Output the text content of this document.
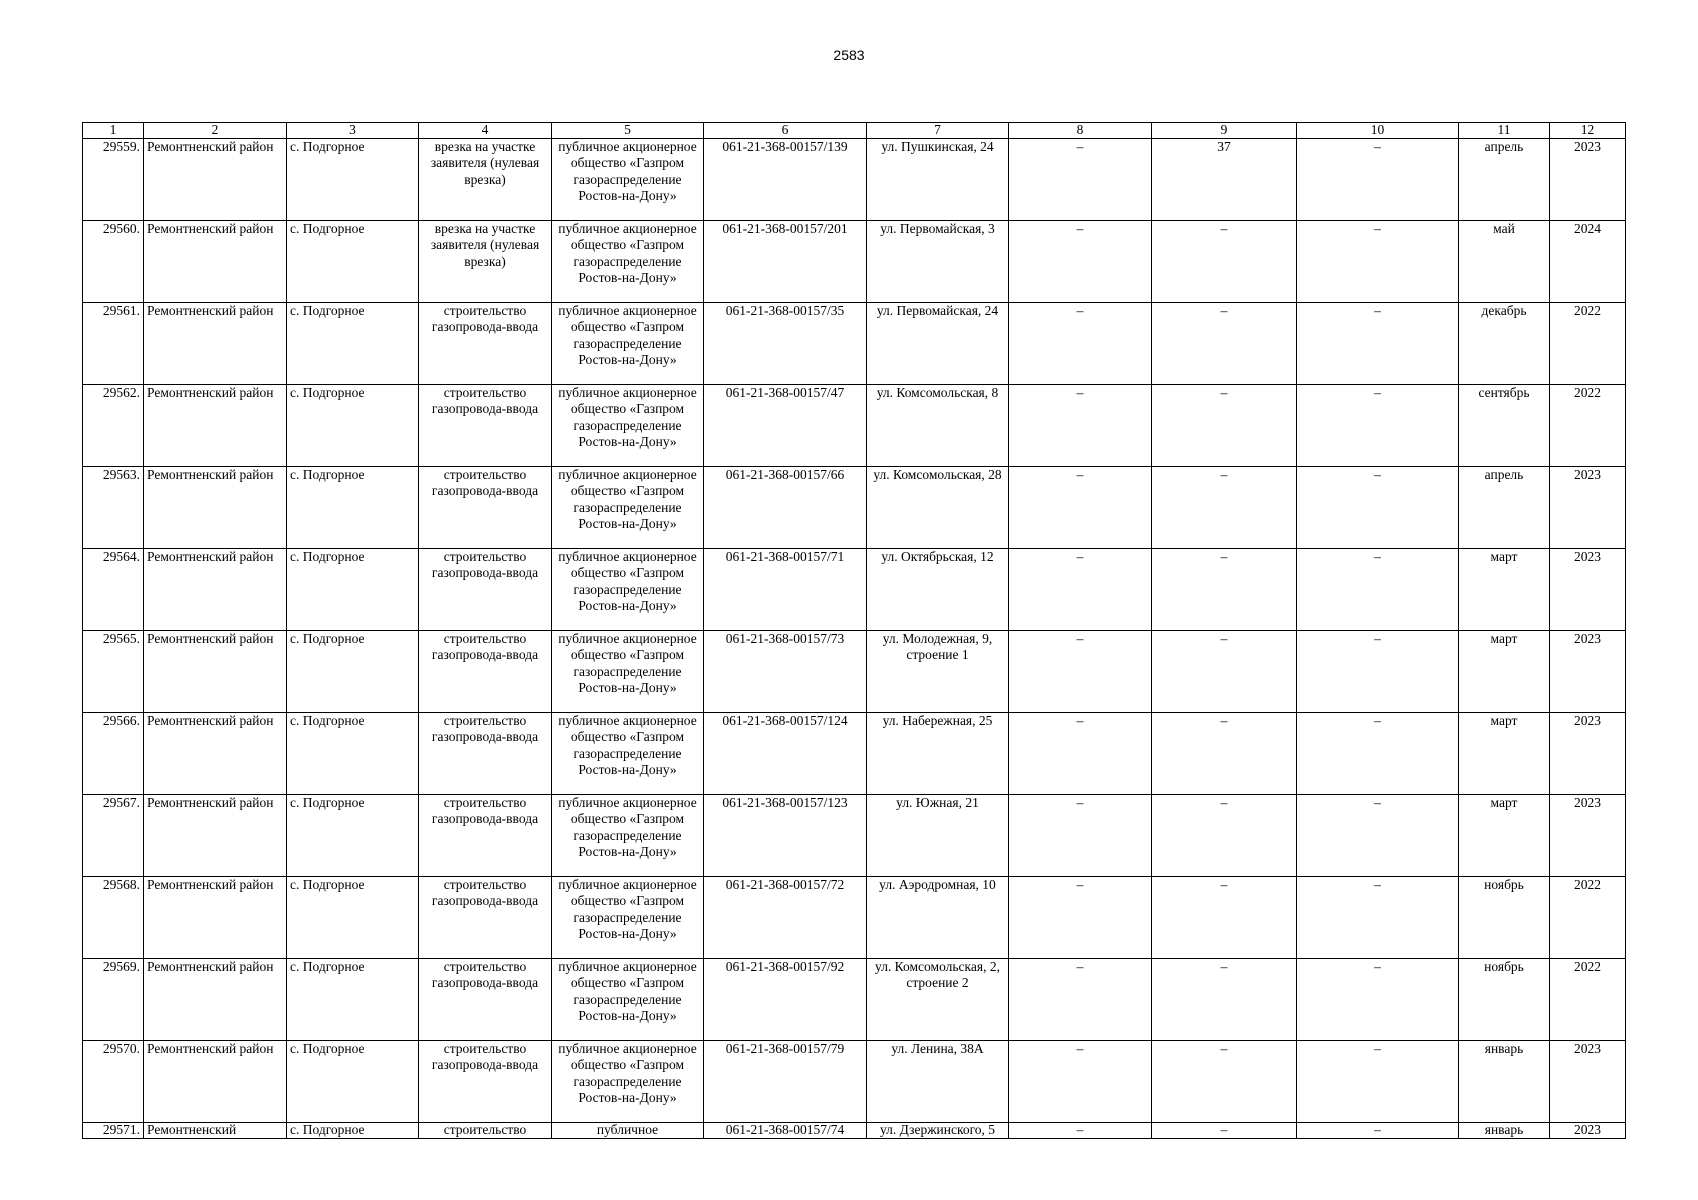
2583
1	2	3	4	5	6	7	8	9	10	11	12
29559.	Ремонтненский район	с. Подгорное	врезка на участке заявителя (нулевая врезка)	публичное акционерное общество «Газпром газораспределение Ростов-на-Дону»	061-21-368-00157/139	ул. Пушкинская, 24	–	37	–	апрель	2023
29560.	Ремонтненский район	с. Подгорное	врезка на участке заявителя (нулевая врезка)	публичное акционерное общество «Газпром газораспределение Ростов-на-Дону»	061-21-368-00157/201	ул. Первомайская, 3	–	–	–	май	2024
29561.	Ремонтненский район	с. Подгорное	строительство газопровода-ввода	публичное акционерное общество «Газпром газораспределение Ростов-на-Дону»	061-21-368-00157/35	ул. Первомайская, 24	–	–	–	декабрь	2022
29562.	Ремонтненский район	с. Подгорное	строительство газопровода-ввода	публичное акционерное общество «Газпром газораспределение Ростов-на-Дону»	061-21-368-00157/47	ул. Комсомольская, 8	–	–	–	сентябрь	2022
29563.	Ремонтненский район	с. Подгорное	строительство газопровода-ввода	публичное акционерное общество «Газпром газораспределение Ростов-на-Дону»	061-21-368-00157/66	ул. Комсомольская, 28	–	–	–	апрель	2023
29564.	Ремонтненский район	с. Подгорное	строительство газопровода-ввода	публичное акционерное общество «Газпром газораспределение Ростов-на-Дону»	061-21-368-00157/71	ул. Октябрьская, 12	–	–	–	март	2023
29565.	Ремонтненский район	с. Подгорное	строительство газопровода-ввода	публичное акционерное общество «Газпром газораспределение Ростов-на-Дону»	061-21-368-00157/73	ул. Молодежная, 9, строение 1	–	–	–	март	2023
29566.	Ремонтненский район	с. Подгорное	строительство газопровода-ввода	публичное акционерное общество «Газпром газораспределение Ростов-на-Дону»	061-21-368-00157/124	ул. Набережная, 25	–	–	–	март	2023
29567.	Ремонтненский район	с. Подгорное	строительство газопровода-ввода	публичное акционерное общество «Газпром газораспределение Ростов-на-Дону»	061-21-368-00157/123	ул. Южная, 21	–	–	–	март	2023
29568.	Ремонтненский район	с. Подгорное	строительство газопровода-ввода	публичное акционерное общество «Газпром газораспределение Ростов-на-Дону»	061-21-368-00157/72	ул. Аэродромная, 10	–	–	–	ноябрь	2022
29569.	Ремонтненский район	с. Подгорное	строительство газопровода-ввода	публичное акционерное общество «Газпром газораспределение Ростов-на-Дону»	061-21-368-00157/92	ул. Комсомольская, 2, строение 2	–	–	–	ноябрь	2022
29570.	Ремонтненский район	с. Подгорное	строительство газопровода-ввода	публичное акционерное общество «Газпром газораспределение Ростов-на-Дону»	061-21-368-00157/79	ул. Ленина, 38А	–	–	–	январь	2023
29571.	Ремонтненский	с. Подгорное	строительство	публичное	061-21-368-00157/74	ул. Дзержинского, 5	–	–	–	январь	2023
